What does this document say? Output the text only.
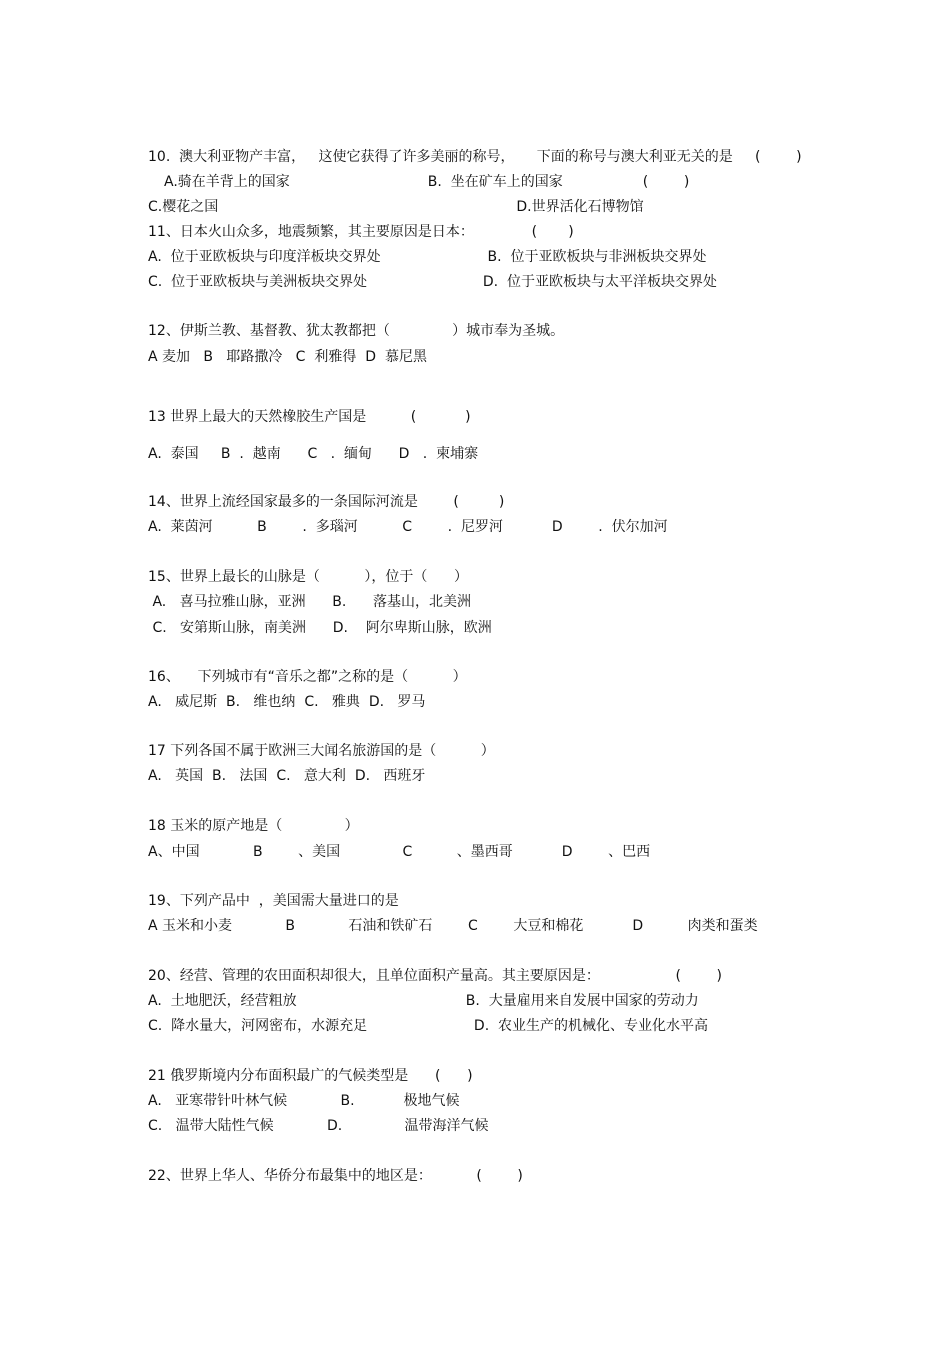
10.  澳大利亚物产丰富，   这使它获得了许多美丽的称号，     下面的称号与澳大利亚无关的是     (        )
A.骑在羊背上的国家                               B.  坐在矿车上的国家                  (        )
C.樱花之国                                                                   D.世界活化石博物馆
11、日本火山众多，地震频繁，其主要原因是日本：             (       )
A.  位于亚欧板块与印度洋板块交界处                        B.  位于亚欧板块与非洲板块交界处
C.  位于亚欧板块与美洲板块交界处                          D.  位于亚欧板块与太平洋板块交界处
12、伊斯兰教、基督教、犹太教都把（              ）城市奉为圣城。
A 麦加   B   耶路撒冷   C  利雅得  D  慕尼黑
13 世界上最大的天然橡胶生产国是          (           )
A.  泰国     B  .  越南      C   .  缅甸      D   .  柬埔寨
14、世界上流经国家最多的一条国际河流是        (         )
A.  莱茵河          B        .  多瑙河          C        .  尼罗河           D        .  伏尔加河
15、世界上最长的山脉是（          ），位于（      ）
A.   喜马拉雅山脉，亚洲      B.      落基山，北美洲
C.   安第斯山脉，南美洲      D.    阿尔卑斯山脉，欧洲
16、    下列城市有“音乐之都”之称的是（          ）
A.   威尼斯  B.   维也纳  C.   雅典  D.   罗马
17 下列各国不属于欧洲三大闻名旅游国的是（          ）
A.   英国  B.   法国  C.   意大利  D.   西班牙
18 玉米的原产地是（              ）
A、中国            B        、美国              C          、墨西哥           D        、巴西
19、下列产品中  ，美国需大量进口的是
A 玉米和小麦            B            石油和铁矿石        C        大豆和棉花           D          肉类和蛋类
20、经营、管理的农田面积却很大，且单位面积产量高。其主要原因是：                 (        )
A.  土地肥沃，经营粗放                                      B.  大量雇用来自发展中国家的劳动力
C.  降水量大，河网密布，水源充足                        D.  农业生产的机械化、专业化水平高
21 俄罗斯境内分布面积最广的气候类型是      (      )
A.   亚寒带针叶林气候            B.           极地气候
C.   温带大陆性气候            D.              温带海洋气候
22、世界上华人、华侨分布最集中的地区是：          (        )
